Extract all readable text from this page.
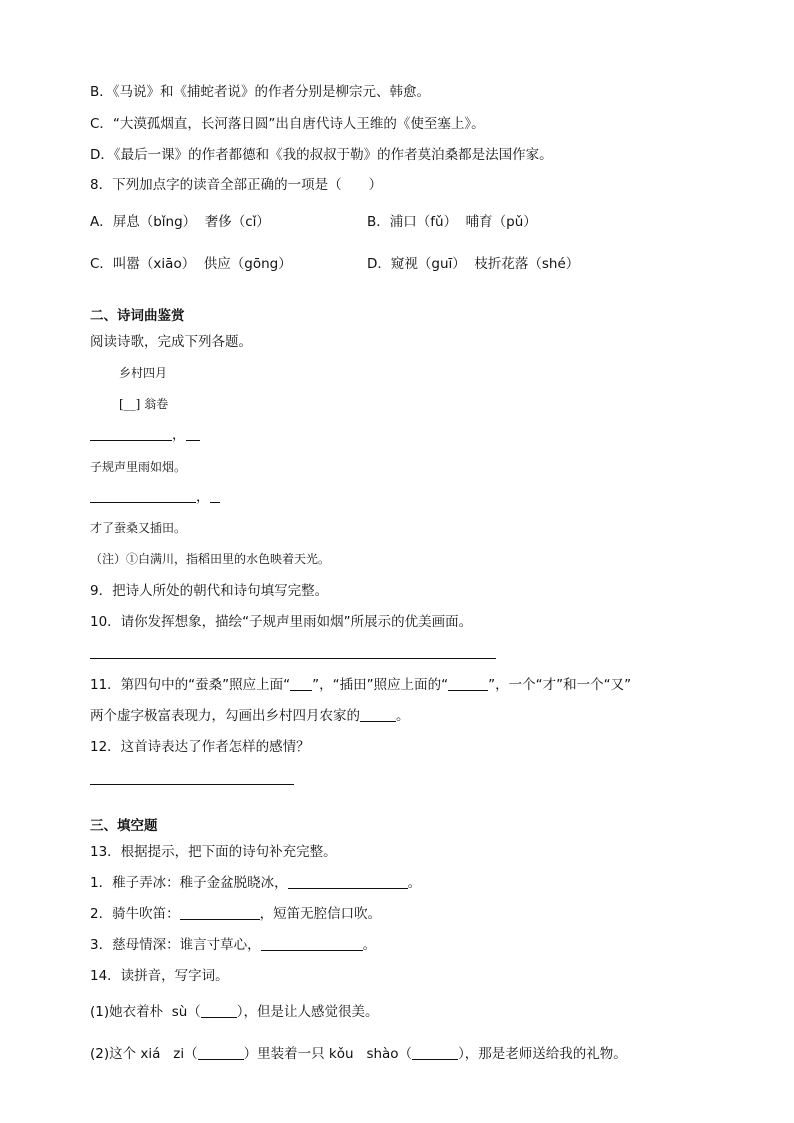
B．《马说》和《捕蛇者说》的作者分别是柳宗元、韩愈。
C．“大漠孤烟直，长河落日圆”出自唐代诗人王维的《使至塞上》。
D．《最后一课》的作者都德和《我的叔叔于勒》的作者莫泊桑都是法国作家。
8．下列加点字的读音全部正确的一项是（　　）
A．屏息（bǐng）  奢侈（cǐ）	B．浦口（fǔ）  哺育（pǔ）
C．叫嚣（xiāo）  供应（gōng）	D．窥视（guī）  枝折花落（shé）
二、诗词曲鉴赏
阅读诗歌，完成下列各题。
乡村四月
[__] 翁卷
，
子规声里雨如烟。
，
才了蚕桑又插田。
（注）①白满川，指稻田里的水色映着天光。
9．把诗人所处的朝代和诗句填写完整。
10．请你发挥想象，描绘“子规声里雨如烟”所展示的优美画面。
11．第四句中的“蚕桑”照应上面“ ”，“插田”照应上面的“	”，一个“才”和一个“又”
两个虚字极富表现力，勾画出乡村四月农家的	。
12．这首诗表达了作者怎样的感情？
三、填空题
13．根据提示，把下面的诗句补充完整。
1．稚子弄冰：稚子金盆脱晓冰，	。
2．骑牛吹笛：	，短笛无腔信口吹。
3．慈母情深：谁言寸草心，	。
14．读拼音，写字词。
(1)她衣着朴  sù（	），但是让人感觉很美。
(2)这个 xiá   zi（	）里装着一只 kǒu   shào（	），那是老师送给我的礼物。
